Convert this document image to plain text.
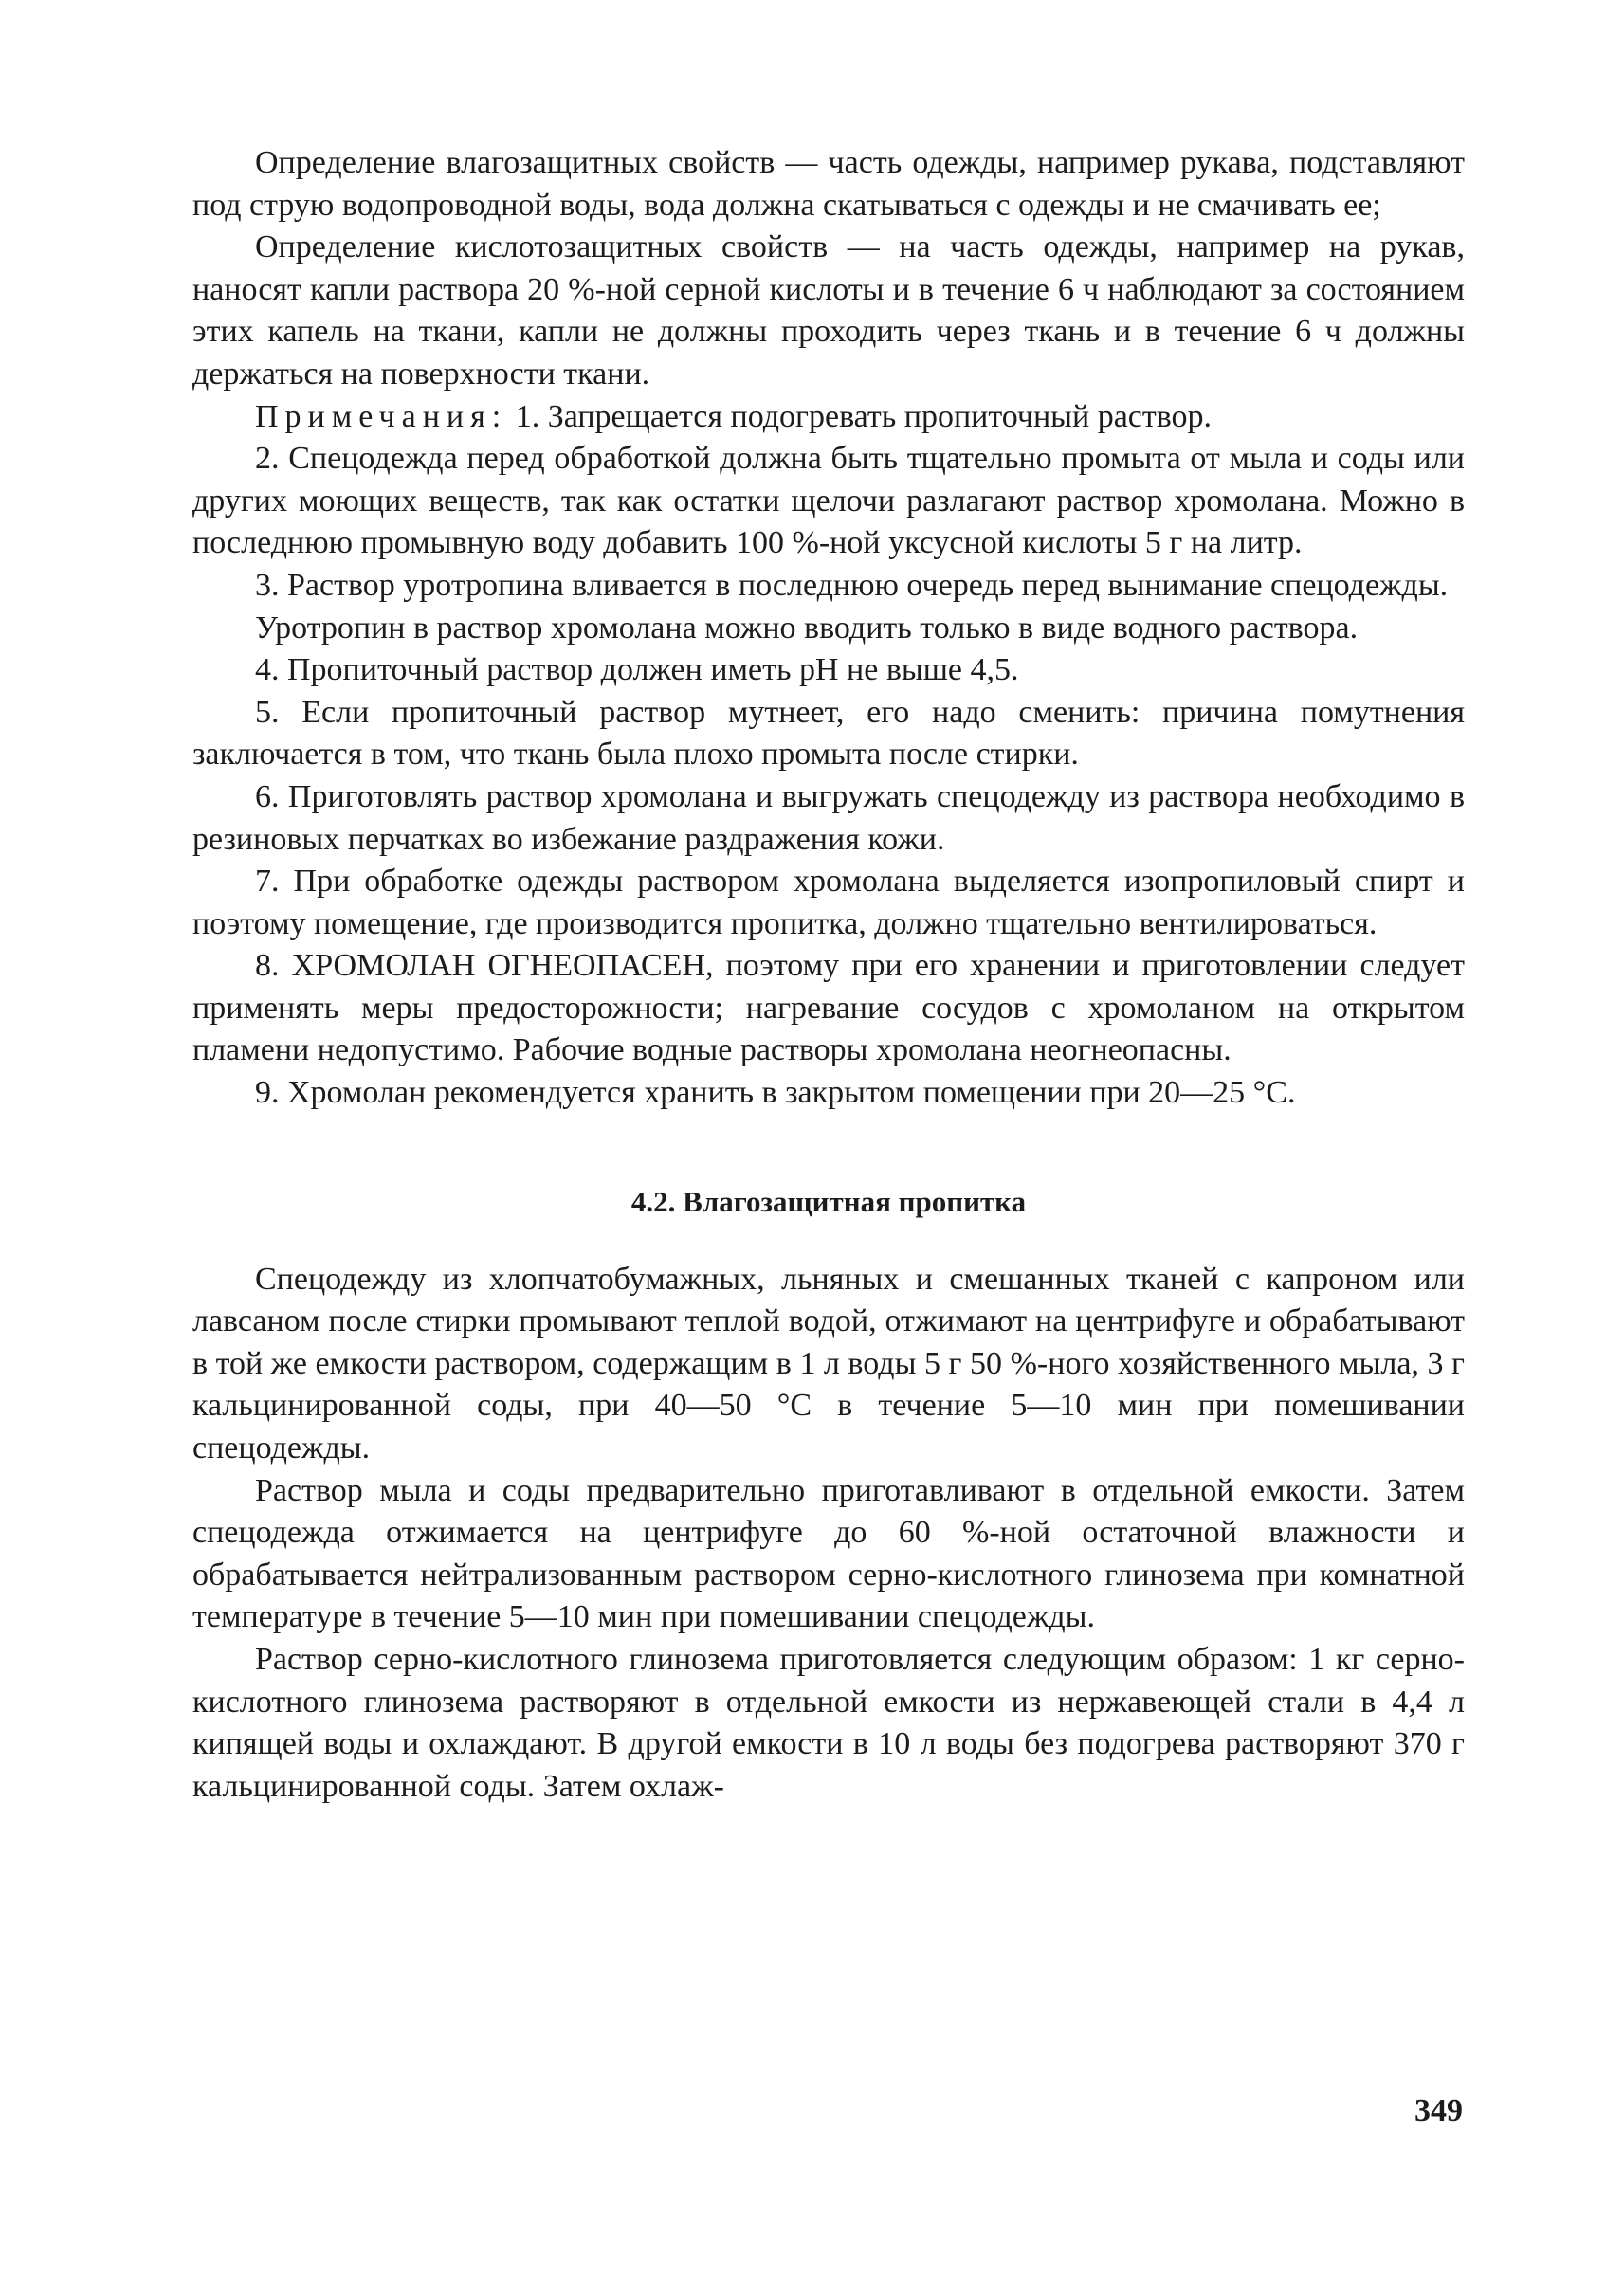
Определение влагозащитных свойств — часть одежды, например рукава, подставляют под струю водопроводной воды, вода должна скатываться с одежды и не смачивать ее;

Определение кислотозащитных свойств — на часть одежды, например на рукав, наносят капли раствора 20 %-ной серной кислоты и в течение 6 ч наблюдают за состоянием этих капель на ткани, капли не должны проходить через ткань и в течение 6 ч должны держаться на поверхности ткани.

Примечания: 1. Запрещается подогревать пропиточный раствор.

2. Спецодежда перед обработкой должна быть тщательно промыта от мыла и соды или других моющих веществ, так как остатки щелочи разлагают раствор хромолана. Можно в последнюю промывную воду добавить 100 %-ной уксусной кислоты 5 г на литр.

3. Раствор уротропина вливается в последнюю очередь перед вынимание спецодежды.

Уротропин в раствор хромолана можно вводить только в виде водного раствора.

4. Пропиточный раствор должен иметь pH не выше 4,5.

5. Если пропиточный раствор мутнеет, его надо сменить: причина помутнения заключается в том, что ткань была плохо промыта после стирки.

6. Приготовлять раствор хромолана и выгружать спецодежду из раствора необходимо в резиновых перчатках во избежание раздражения кожи.

7. При обработке одежды раствором хромолана выделяется изопропиловый спирт и поэтому помещение, где производится пропитка, должно тщательно вентилироваться.

8. ХРОМОЛАН ОГНЕОПАСЕН, поэтому при его хранении и приготовлении следует применять меры предосторожности; нагревание сосудов с хромоланом на открытом пламени недопустимо. Рабочие водные растворы хромолана неогнеопасны.

9. Хромолан рекомендуется хранить в закрытом помещении при 20—25 °С.

4.2. Влагозащитная пропитка

Спецодежду из хлопчатобумажных, льняных и смешанных тканей с капроном или лавсаном после стирки промывают теплой водой, отжимают на центрифуге и обрабатывают в той же емкости раствором, содержащим в 1 л воды 5 г 50 %-ного хозяйственного мыла, 3 г кальцинированной соды, при 40—50 °С в течение 5—10 мин при помешивании спецодежды.

Раствор мыла и соды предварительно приготавливают в отдельной емкости. Затем спецодежда отжимается на центрифуге до 60 %-ной остаточной влажности и обрабатывается нейтрализованным раствором серно-кислотного глинозема при комнатной температуре в течение 5—10 мин при помешивании спецодежды.

Раствор серно-кислотного глинозема приготовляется следующим образом: 1 кг серно-кислотного глинозема растворяют в отдельной емкости из нержавеющей стали в 4,4 л кипящей воды и охлаждают. В другой емкости в 10 л воды без подогрева растворяют 370 г кальцинированной соды. Затем охлаж-

349
